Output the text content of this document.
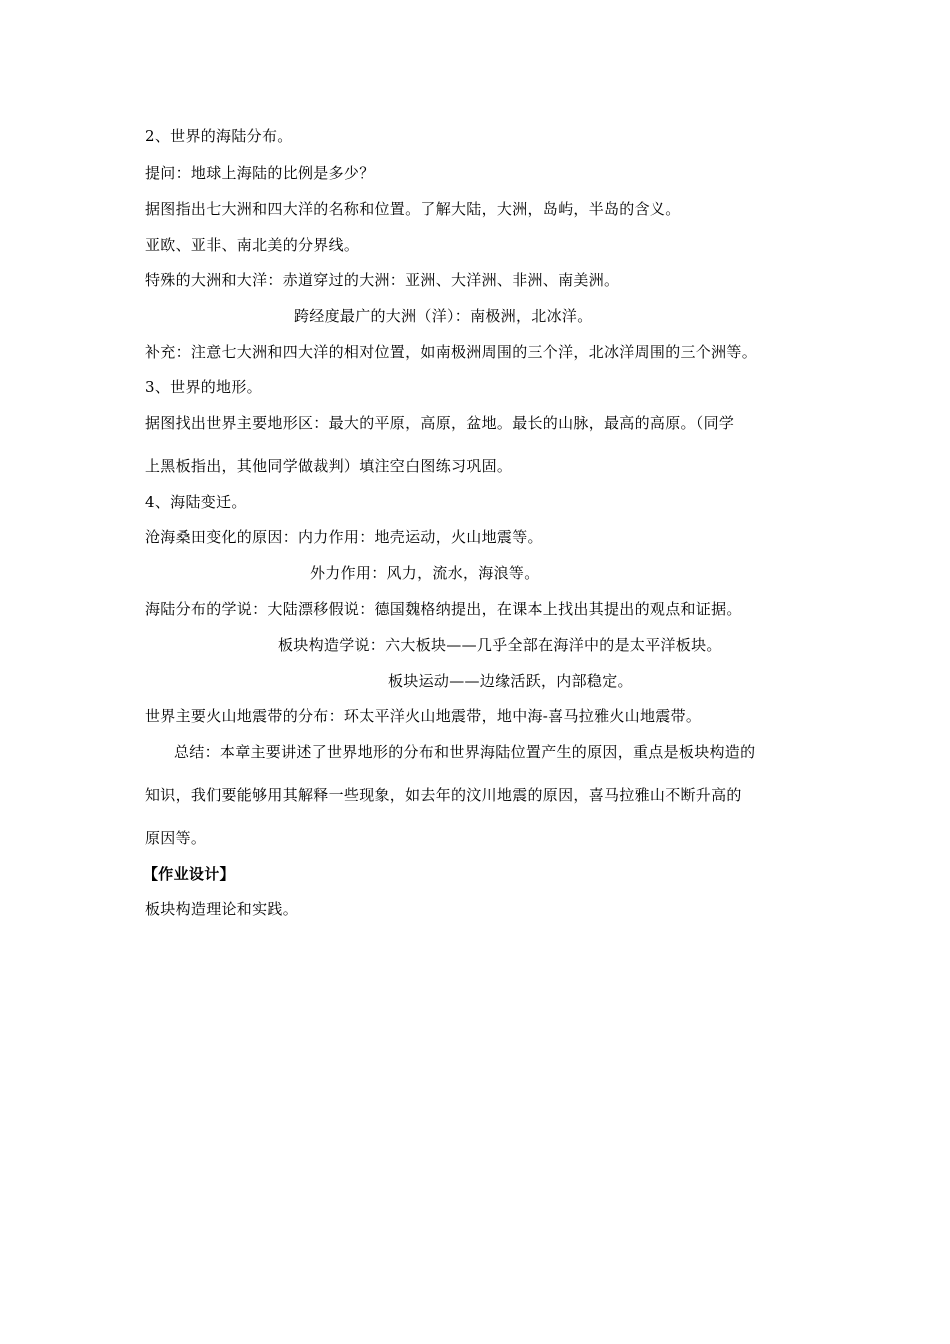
2、世界的海陆分布。
提问：地球上海陆的比例是多少？
据图指出七大洲和四大洋的名称和位置。了解大陆，大洲，岛屿，半岛的含义。
亚欧、亚非、南北美的分界线。
特殊的大洲和大洋：赤道穿过的大洲：亚洲、大洋洲、非洲、南美洲。
跨经度最广的大洲（洋）：南极洲，北冰洋。
补充：注意七大洲和四大洋的相对位置，如南极洲周围的三个洋，北冰洋周围的三个洲等。
3、世界的地形。
据图找出世界主要地形区：最大的平原，高原，盆地。最长的山脉，最高的高原。（同学
上黑板指出，其他同学做裁判）填注空白图练习巩固。
4、海陆变迁。
沧海桑田变化的原因：内力作用：地壳运动，火山地震等。
外力作用：风力，流水，海浪等。
海陆分布的学说：大陆漂移假说：德国魏格纳提出，在课本上找出其提出的观点和证据。
板块构造学说：六大板块——几乎全部在海洋中的是太平洋板块。
板块运动——边缘活跃，内部稳定。
世界主要火山地震带的分布：环太平洋火山地震带，地中海-喜马拉雅火山地震带。
总结：本章主要讲述了世界地形的分布和世界海陆位置产生的原因，重点是板块构造的
知识，我们要能够用其解释一些现象，如去年的汶川地震的原因，喜马拉雅山不断升高的
原因等。
【作业设计】
板块构造理论和实践。
